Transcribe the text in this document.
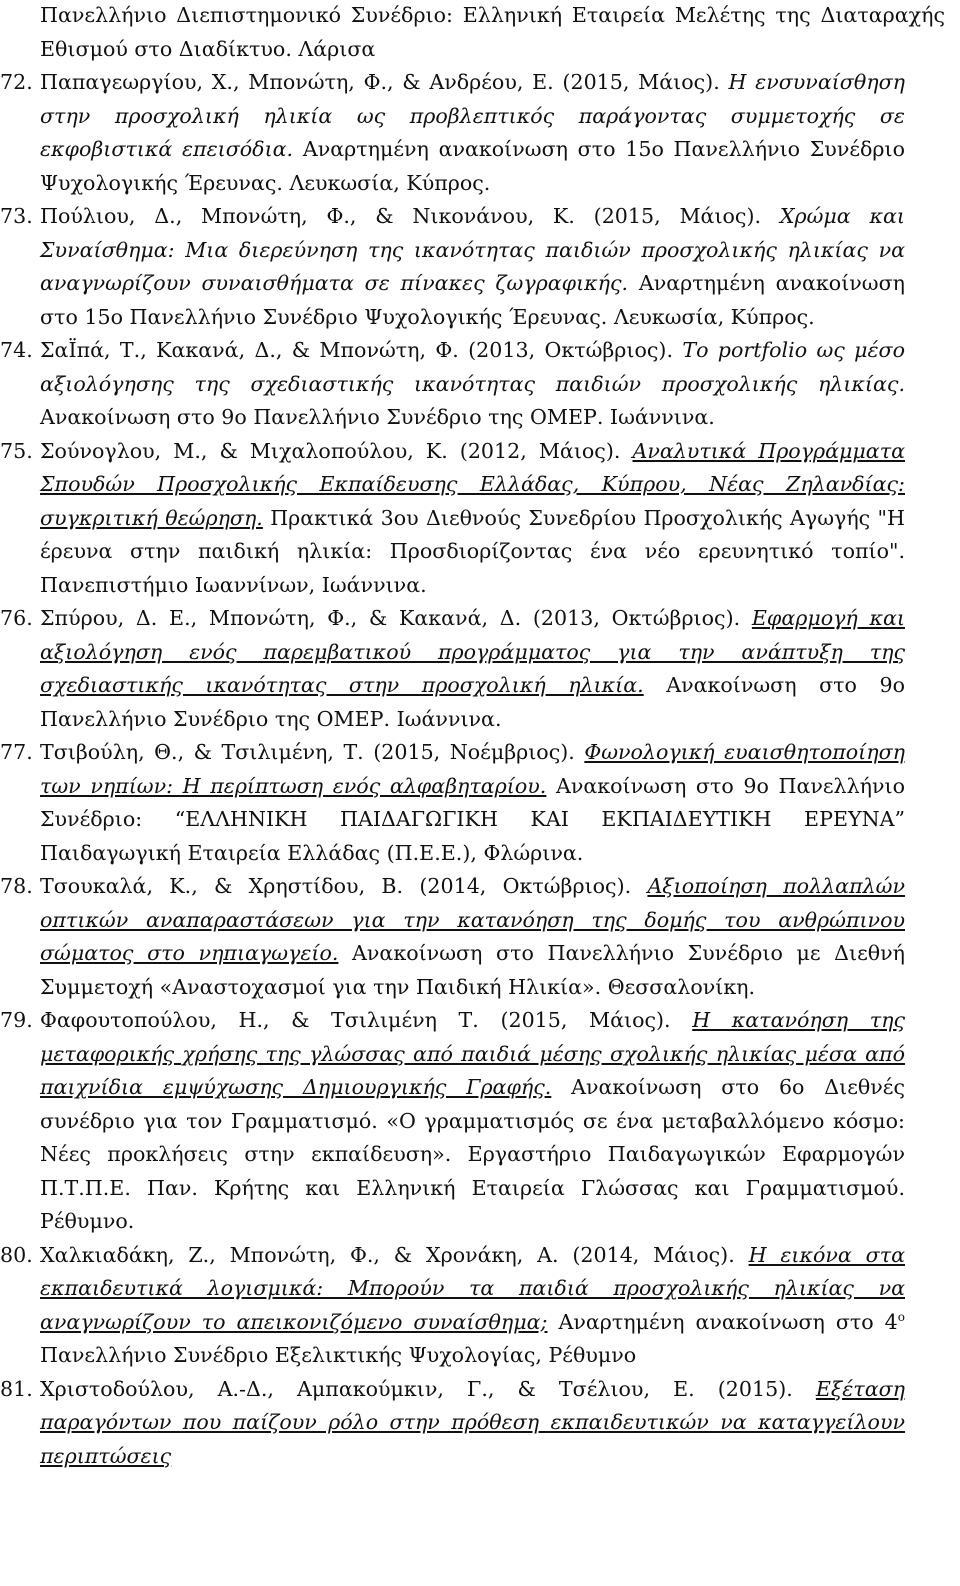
Πανελλήνιο Διεπιστημονικό Συνέδριο: Ελληνική Εταιρεία Μελέτης της Διαταραχής Εθισμού στο Διαδίκτυο. Λάρισα
72. Παπαγεωργίου, Χ., Μπονώτη, Φ., & Ανδρέου, Ε. (2015, Μάιος). Η ενσυναίσθηση στην προσχολική ηλικία ως προβλεπτικός παράγοντας συμμετοχής σε εκφοβιστικά επεισόδια. Αναρτημένη ανακοίνωση στο 15ο Πανελλήνιο Συνέδριο Ψυχολογικής Έρευνας. Λευκωσία, Κύπρος.
73. Πούλιου, Δ., Μπονώτη, Φ., & Νικονάνου, Κ. (2015, Μάιος). Χρώμα και Συναίσθημα: Μια διερεύνηση της ικανότητας παιδιών προσχολικής ηλικίας να αναγνωρίζουν συναισθήματα σε πίνακες ζωγραφικής. Αναρτημένη ανακοίνωση στο 15ο Πανελλήνιο Συνέδριο Ψυχολογικής Έρευνας. Λευκωσία, Κύπρος.
74. ΣαΪπά, Τ., Κακανά, Δ., & Μπονώτη, Φ. (2013, Οκτώβριος). Το portfolio ως μέσο αξιολόγησης της σχεδιαστικής ικανότητας παιδιών προσχολικής ηλικίας. Ανακοίνωση στο 9ο Πανελλήνιο Συνέδριο της ΟΜΕΡ. Ιωάννινα.
75. Σούνογλου, Μ., & Μιχαλοπούλου, Κ. (2012, Μάιος). Αναλυτικά Προγράμματα Σπουδών Προσχολικής Εκπαίδευσης Ελλάδας, Κύπρου, Νέας Ζηλανδίας: συγκριτική θεώρηση. Πρακτικά 3ου Διεθνούς Συνεδρίου Προσχολικής Αγωγής "Η έρευνα στην παιδική ηλικία: Προσδιορίζοντας ένα νέο ερευνητικό τοπίο". Πανεπιστήμιο Ιωαννίνων, Ιωάννινα.
76. Σπύρου, Δ. Ε., Μπονώτη, Φ., & Κακανά, Δ. (2013, Οκτώβριος). Εφαρμογή και αξιολόγηση ενός παρεμβατικού προγράμματος για την ανάπτυξη της σχεδιαστικής ικανότητας στην προσχολική ηλικία. Ανακοίνωση στο 9ο Πανελλήνιο Συνέδριο της ΟΜΕΡ. Ιωάννινα.
77. Τσιβούλη, Θ., & Τσιλιμένη, Τ. (2015, Νοέμβριος). Φωνολογική ευαισθητοποίηση των νηπίων: Η περίπτωση ενός αλφαβηταρίου. Ανακοίνωση στο 9ο Πανελλήνιο Συνέδριο: “ΕΛΛΗΝΙΚΗ ΠΑΙΔΑΓΩΓΙΚΗ ΚΑΙ ΕΚΠΑΙΔΕΥΤΙΚΗ ΕΡΕΥΝΑ” Παιδαγωγική Εταιρεία Ελλάδας (Π.Ε.Ε.), Φλώρινα.
78. Τσουκαλά, Κ., & Χρηστίδου, Β. (2014, Οκτώβριος). Αξιοποίηση πολλαπλών οπτικών αναπαραστάσεων για την κατανόηση της δομής του ανθρώπινου σώματος στο νηπιαγωγείο. Ανακοίνωση στο Πανελλήνιο Συνέδριο με Διεθνή Συμμετοχή «Αναστοχασμοί για την Παιδική Ηλικία». Θεσσαλονίκη.
79. Φαφουτοπούλου, Η., & Τσιλιμένη Τ. (2015, Μάιος). Η κατανόηση της μεταφορικής χρήσης της γλώσσας από παιδιά μέσης σχολικής ηλικίας μέσα από παιχνίδια εμψύχωσης Δημιουργικής Γραφής. Ανακοίνωση στο 6ο Διεθνές συνέδριο για τον Γραμματισμό. «Ο γραμματισμός σε ένα μεταβαλλόμενο κόσμο: Νέες προκλήσεις στην εκπαίδευση». Εργαστήριο Παιδαγωγικών Εφαρμογών Π.Τ.Π.Ε. Παν. Κρήτης και Ελληνική Εταιρεία Γλώσσας και Γραμματισμού. Ρέθυμνο.
80. Χαλκιαδάκη, Ζ., Μπονώτη, Φ., & Χρονάκη, Α. (2014, Μάιος). Η εικόνα στα εκπαιδευτικά λογισμικά: Μπορούν τα παιδιά προσχολικής ηλικίας να αναγνωρίζουν το απεικονιζόμενο συναίσθημα; Αναρτημένη ανακοίνωση στο $4^o$ Πανελλήνιο Συνέδριο Εξελικτικής Ψυχολογίας, Ρέθυμνο
81. Χριστοδούλου, Α.-Δ., Αμπακούμκιν, Γ., & Τσέλιου, Ε. (2015). Εξέταση παραγόντων που παίζουν ρόλο στην πρόθεση εκπαιδευτικών να καταγγείλουν περιπτώσεις
